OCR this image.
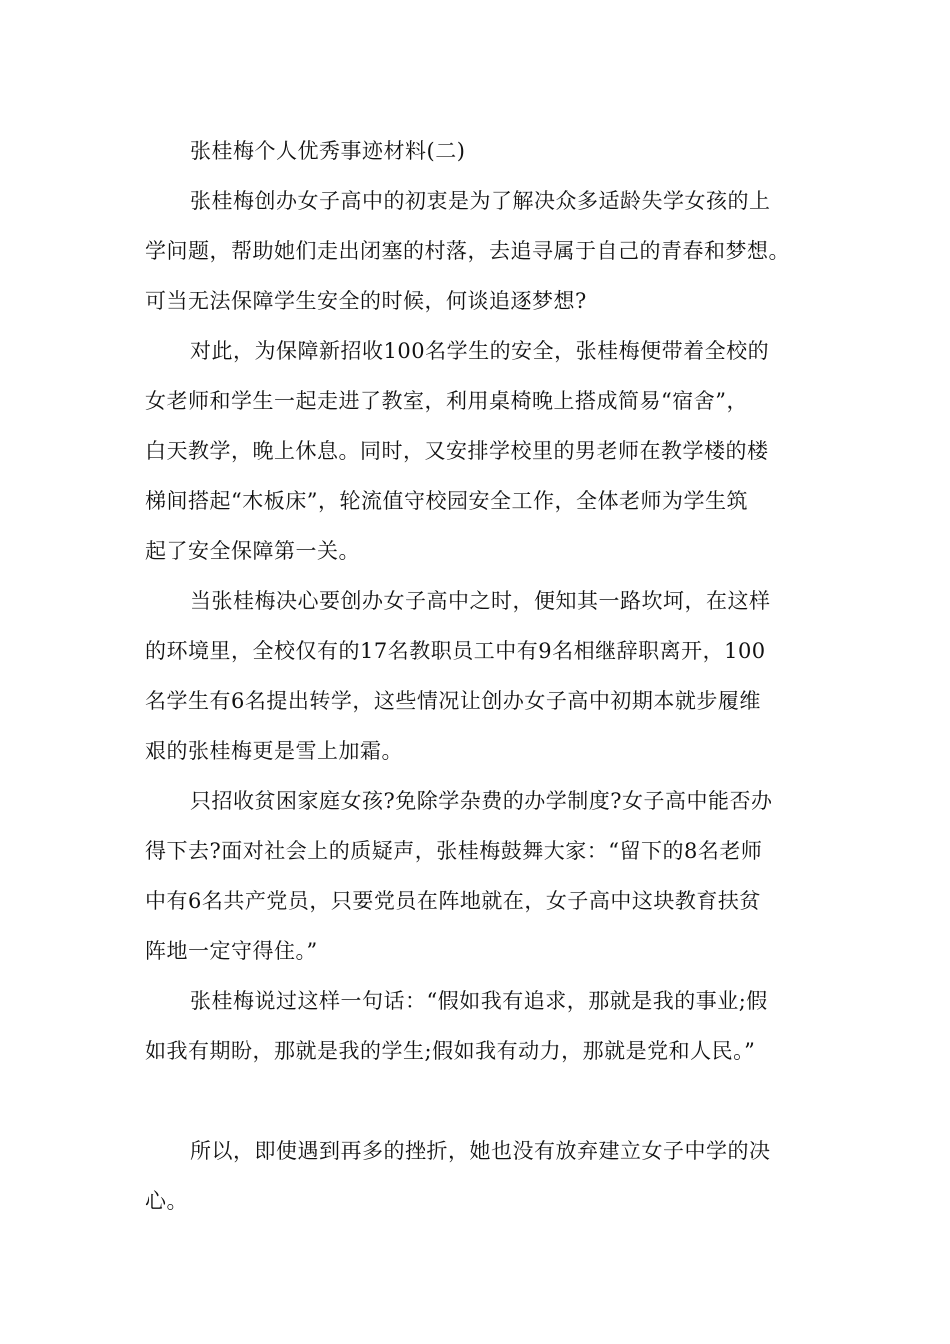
张桂梅个人优秀事迹材料(二)
张桂梅创办女子高中的初衷是为了解决众多适龄失学女孩的上
学问题，帮助她们走出闭塞的村落，去追寻属于自己的青春和梦想。
可当无法保障学生安全的时候，何谈追逐梦想?
对此，为保障新招收100名学生的安全，张桂梅便带着全校的
女老师和学生一起走进了教室，利用桌椅晚上搭成简易“宿舍”，
白天教学，晚上休息。同时，又安排学校里的男老师在教学楼的楼
梯间搭起“木板床”，轮流值守校园安全工作，全体老师为学生筑
起了安全保障第一关。
当张桂梅决心要创办女子高中之时，便知其一路坎坷，在这样
的环境里，全校仅有的17名教职员工中有9名相继辞职离开，100
名学生有6名提出转学，这些情况让创办女子高中初期本就步履维
艰的张桂梅更是雪上加霜。
只招收贫困家庭女孩?免除学杂费的办学制度?女子高中能否办
得下去?面对社会上的质疑声，张桂梅鼓舞大家：“留下的8名老师
中有6名共产党员，只要党员在阵地就在，女子高中这块教育扶贫
阵地一定守得住。”
张桂梅说过这样一句话：“假如我有追求，那就是我的事业;假
如我有期盼，那就是我的学生;假如我有动力，那就是党和人民。”
所以，即使遇到再多的挫折，她也没有放弃建立女子中学的决
心。
